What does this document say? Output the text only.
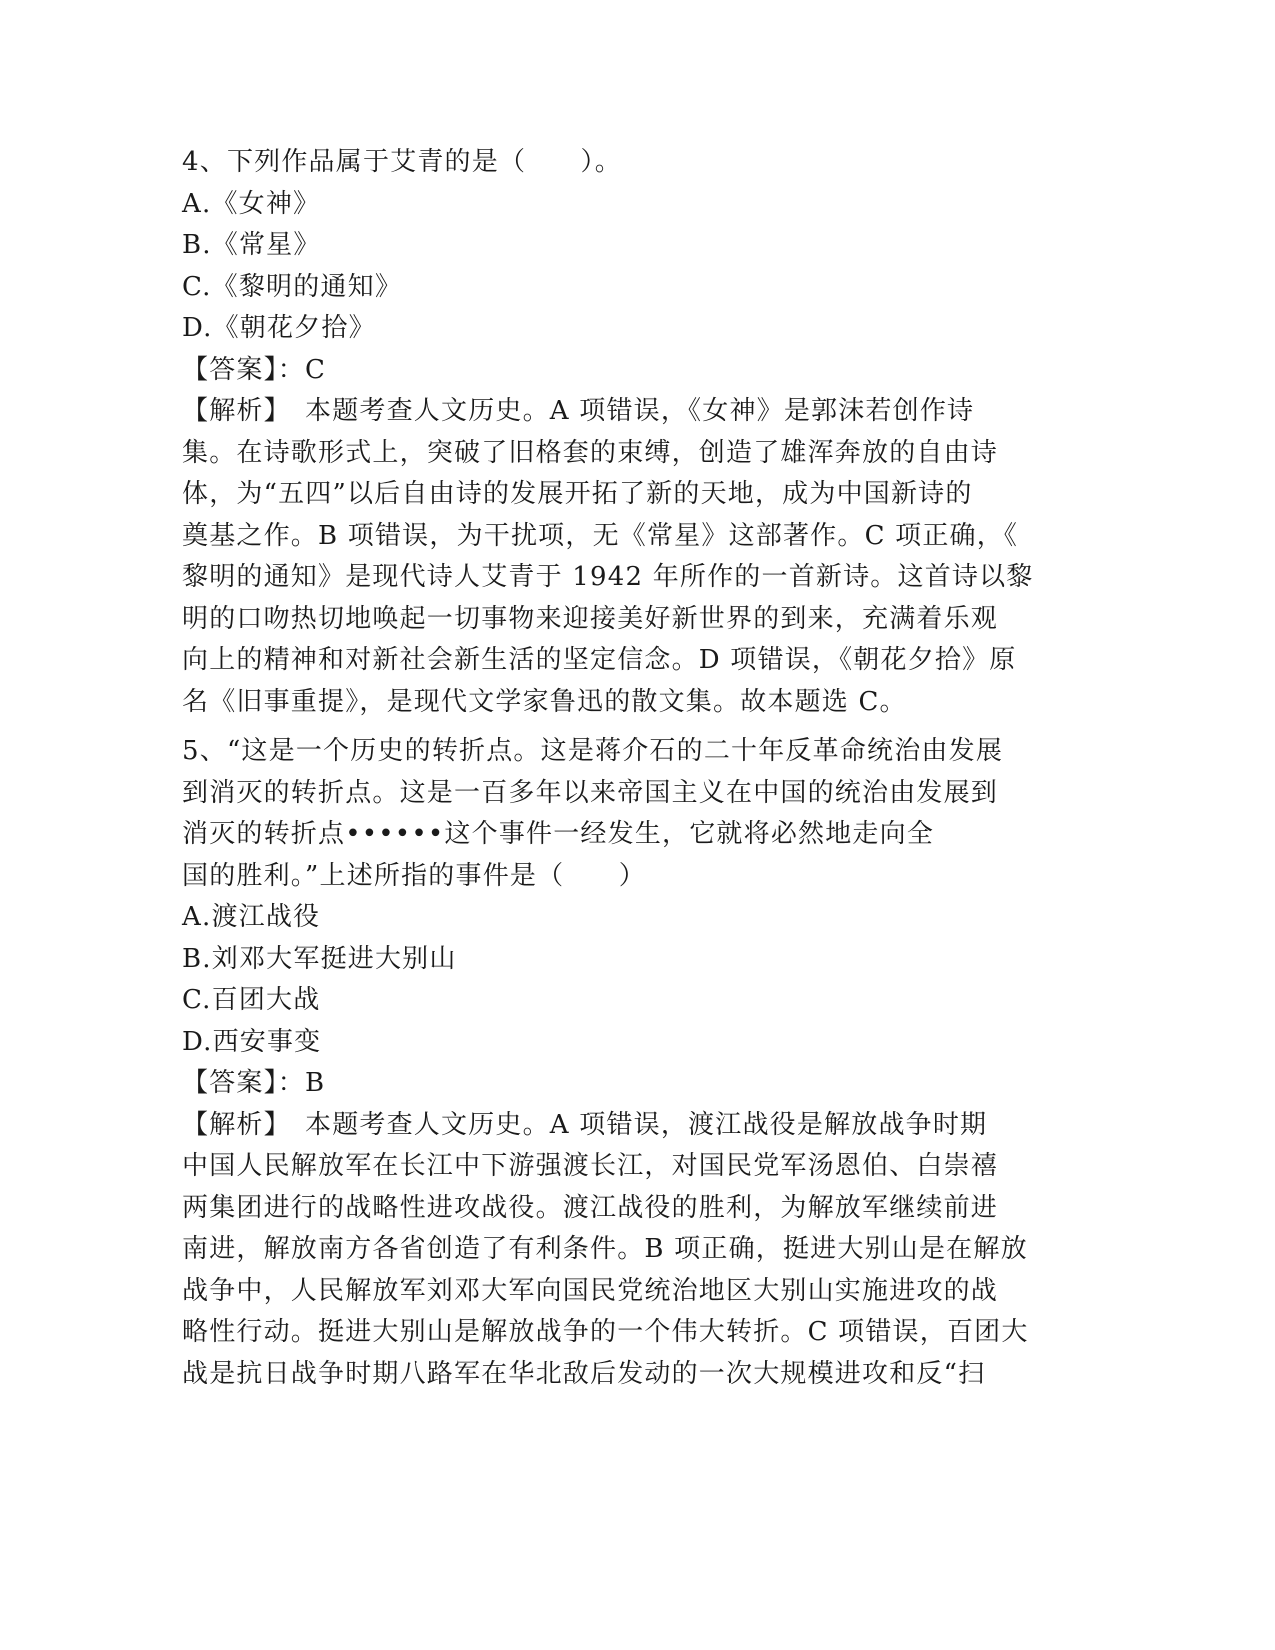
4、下列作品属于艾青的是（　　）。
A.《女神》
B.《常星》
C.《黎明的通知》
D.《朝花夕拾》
【答案】：C
【解析】　本题考查人文历史。A 项错误，《女神》是郭沫若创作诗
集。在诗歌形式上，突破了旧格套的束缚，创造了雄浑奔放的自由诗
体，为“五四”以后自由诗的发展开拓了新的天地，成为中国新诗的
奠基之作。B 项错误，为干扰项，无《常星》这部著作。C 项正确，《
黎明的通知》是现代诗人艾青于 1942 年所作的一首新诗。这首诗以黎
明的口吻热切地唤起一切事物来迎接美好新世界的到来，充满着乐观
向上的精神和对新社会新生活的坚定信念。D 项错误，《朝花夕拾》原
名《旧事重提》，是现代文学家鲁迅的散文集。故本题选 C。
5、“这是一个历史的转折点。这是蒋介石的二十年反革命统治由发展
到消灭的转折点。这是一百多年以来帝国主义在中国的统治由发展到
消灭的转折点••••••这个事件一经发生，它就将必然地走向全
国的胜利。”上述所指的事件是（　　）
A.渡江战役
B.刘邓大军挺进大别山
C.百团大战
D.西安事变
【答案】：B
【解析】　本题考查人文历史。A 项错误，渡江战役是解放战争时期
中国人民解放军在长江中下游强渡长江，对国民党军汤恩伯、白崇禧
两集团进行的战略性进攻战役。渡江战役的胜利，为解放军继续前进
南进，解放南方各省创造了有利条件。B 项正确，挺进大别山是在解放
战争中，人民解放军刘邓大军向国民党统治地区大别山实施进攻的战
略性行动。挺进大别山是解放战争的一个伟大转折。C 项错误，百团大
战是抗日战争时期八路军在华北敌后发动的一次大规模进攻和反“扫
